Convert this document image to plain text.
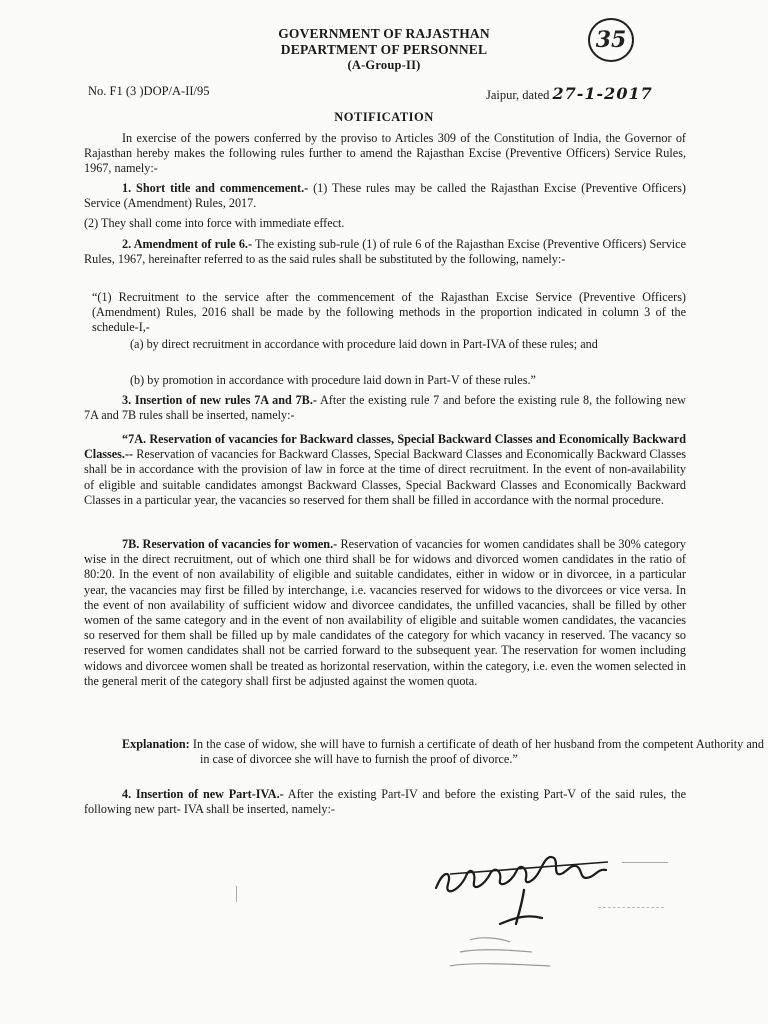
GOVERNMENT OF RAJASTHAN
DEPARTMENT OF PERSONNEL
(A-Group-II)
35
No. F1 (3 )DOP/A-II/95	Jaipur, dated 27-1-2017
NOTIFICATION

In exercise of the powers conferred by the proviso to Articles 309 of the Constitution of India, the Governor of Rajasthan hereby makes the following rules further to amend the Rajasthan Excise (Preventive Officers) Service Rules, 1967, namely:-

1. Short title and commencement.- (1) These rules may be called the Rajasthan Excise (Preventive Officers) Service (Amendment) Rules, 2017.

(2) They shall come into force with immediate effect.

2. Amendment of rule 6.- The existing sub-rule (1) of rule 6 of the Rajasthan Excise (Preventive Officers) Service Rules, 1967, hereinafter referred to as the said rules shall be substituted by the following, namely:-

“(1) Recruitment to the service after the commencement of the Rajasthan Excise Service (Preventive Officers) (Amendment) Rules, 2016 shall be made by the following methods in the proportion indicated in column 3 of the schedule-I,-

(a) by direct recruitment in accordance with procedure laid down in Part-IVA of these rules; and

(b) by promotion in accordance with procedure laid down in Part-V of these rules.”

3. Insertion of new rules 7A and 7B.- After the existing rule 7 and before the existing rule 8, the following new 7A and 7B rules shall be inserted, namely:-

“7A. Reservation of vacancies for Backward classes, Special Backward Classes and Economically Backward Classes.-- Reservation of vacancies for Backward Classes, Special Backward Classes and Economically Backward Classes shall be in accordance with the provision of law in force at the time of direct recruitment. In the event of non-availability of eligible and suitable candidates amongst Backward Classes, Special Backward Classes and Economically Backward Classes in a particular year, the vacancies so reserved for them shall be filled in accordance with the normal procedure.

7B. Reservation of vacancies for women.- Reservation of vacancies for women candidates shall be 30% category wise in the direct recruitment, out of which one third shall be for widows and divorced women candidates in the ratio of 80:20. In the event of non availability of eligible and suitable candidates, either in widow or in divorcee, in a particular year, the vacancies may first be filled by interchange, i.e. vacancies reserved for widows to the divorcees or vice versa. In the event of non availability of sufficient widow and divorcee candidates, the unfilled vacancies, shall be filled by other women of the same category and in the event of non availability of eligible and suitable women candidates, the vacancies so reserved for them shall be filled up by male candidates of the category for which vacancy in reserved. The vacancy so reserved for women candidates shall not be carried forward to the subsequent year. The reservation for women including widows and divorcee women shall be treated as horizontal reservation, within the category, i.e. even the women selected in the general merit of the category shall first be adjusted against the women quota.

Explanation: In the case of widow, she will have to furnish a certificate of death of her husband from the competent Authority and in case of divorcee she will have to furnish the proof of divorce.”

4. Insertion of new Part-IVA.- After the existing Part-IV and before the existing Part-V of the said rules, the following new part- IVA shall be inserted, namely:-
